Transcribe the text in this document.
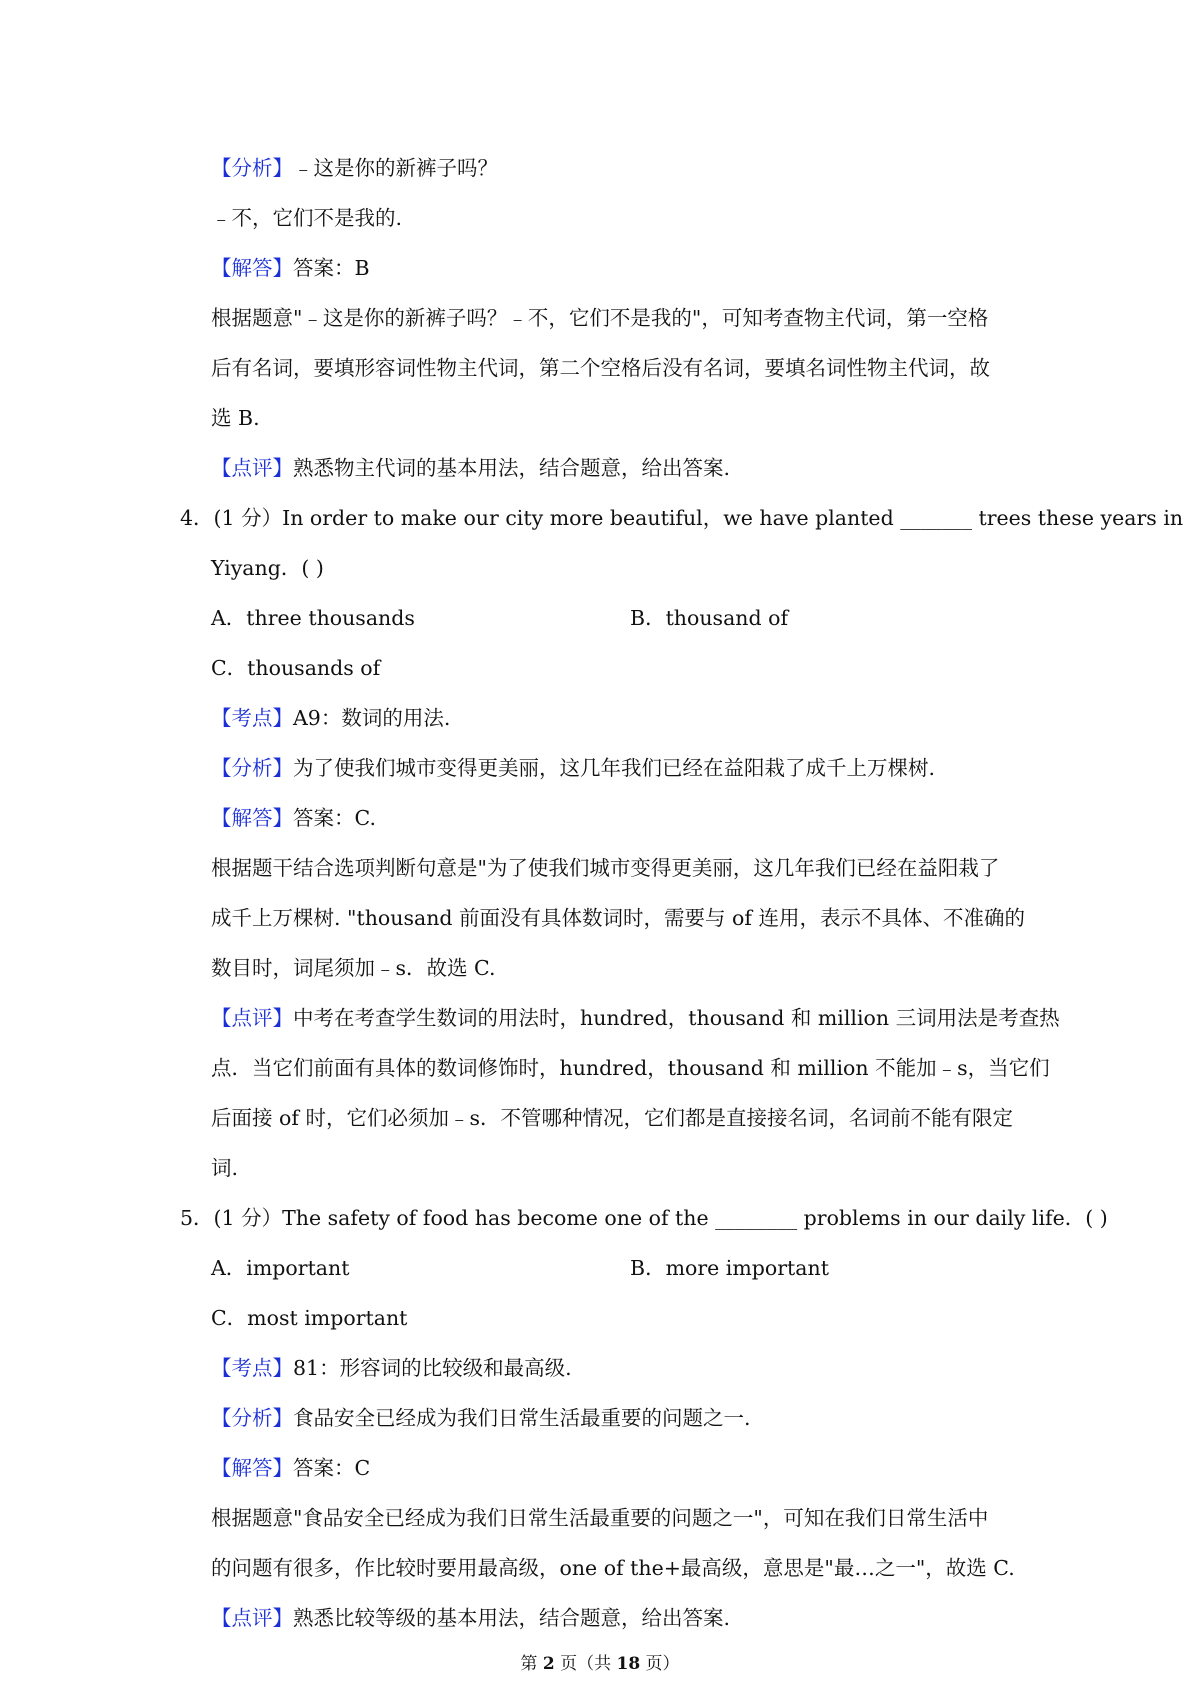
【分析】﹣这是你的新裤子吗？
﹣不，它们不是我的.
【解答】答案：B
根据题意"﹣这是你的新裤子吗？﹣不，它们不是我的"，可知考查物主代词，第一空格
后有名词，要填形容词性物主代词，第二个空格后没有名词，要填名词性物主代词，故
选 B.
【点评】熟悉物主代词的基本用法，结合题意，给出答案.
4．(1 分）In order to make our city more beautiful，we have planted _______ trees these years in
Yiyang．( )
A．three thousands	B．thousand of
C．thousands of
【考点】A9：数词的用法.
【分析】为了使我们城市变得更美丽，这几年我们已经在益阳栽了成千上万棵树.
【解答】答案：C.
根据题干结合选项判断句意是"为了使我们城市变得更美丽，这几年我们已经在益阳栽了
成千上万棵树. "thousand 前面没有具体数词时，需要与 of 连用，表示不具体、不准确的
数目时，词尾须加﹣s．故选 C.
【点评】中考在考查学生数词的用法时，hundred，thousand 和 million 三词用法是考查热
点．当它们前面有具体的数词修饰时，hundred，thousand 和 million 不能加﹣s，当它们
后面接 of 时，它们必须加﹣s．不管哪种情况，它们都是直接接名词，名词前不能有限定
词.
5．(1 分）The safety of food has become one of the ________ problems in our daily life．( )
A．important	B．more important
C．most important
【考点】81：形容词的比较级和最高级.
【分析】食品安全已经成为我们日常生活最重要的问题之一.
【解答】答案：C
根据题意"食品安全已经成为我们日常生活最重要的问题之一"，可知在我们日常生活中
的问题有很多，作比较时要用最高级，one of the+最高级，意思是"最…之一"，故选 C.
【点评】熟悉比较等级的基本用法，结合题意，给出答案.
第 2 页（共 18 页）
